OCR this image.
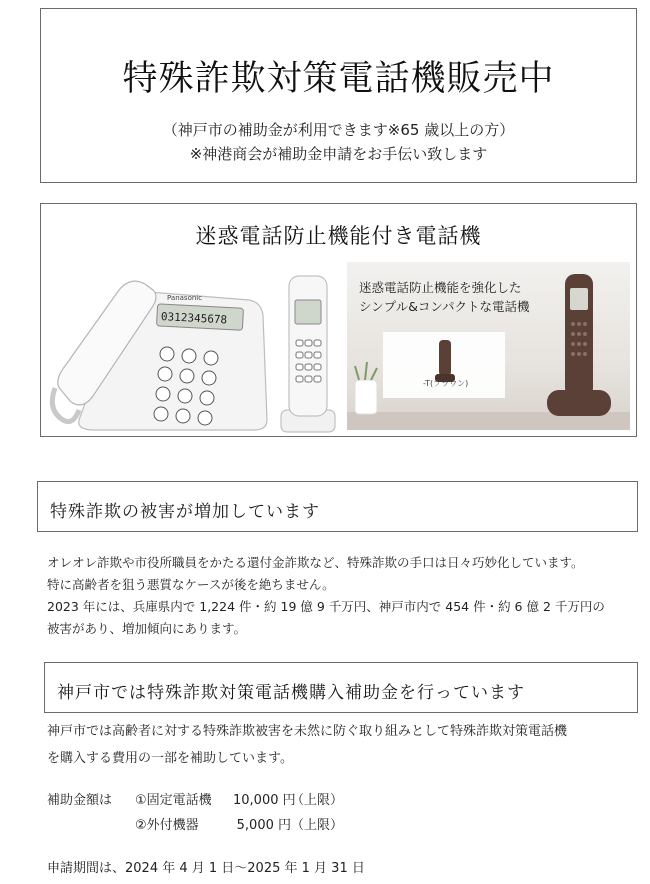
特殊詐欺対策電話機販売中
（神戸市の補助金が利用できます※65 歳以上の方）
※神港商会が補助金申請をお手伝い致します
迷惑電話防止機能付き電話機
0312345678
Panasonic
迷惑電話防止機能を強化した
シンプル&コンパクトな電話機
-T(ブラウン)
特殊詐欺の被害が増加しています
オレオレ詐欺や市役所職員をかたる還付金詐欺など、特殊詐欺の手口は日々巧妙化しています。
特に高齢者を狙う悪質なケースが後を絶ちません。
2023 年には、兵庫県内で 1,224 件・約 19 億 9 千万円、神戸市内で 454 件・約 6 億 2 千万円の
被害があり、増加傾向にあります。
神戸市では特殊詐欺対策電話機購入補助金を行っています
神戸市では高齢者に対する特殊詐欺被害を未然に防ぐ取り組みとして特殊詐欺対策電話機
を購入する費用の一部を補助しています。
補助金額は ①固定電話機 10,000 円（上限）
②外付機器	5,000 円（上限）
申請期間は、2024 年 4 月 1 日～2025 年 1 月 31 日
